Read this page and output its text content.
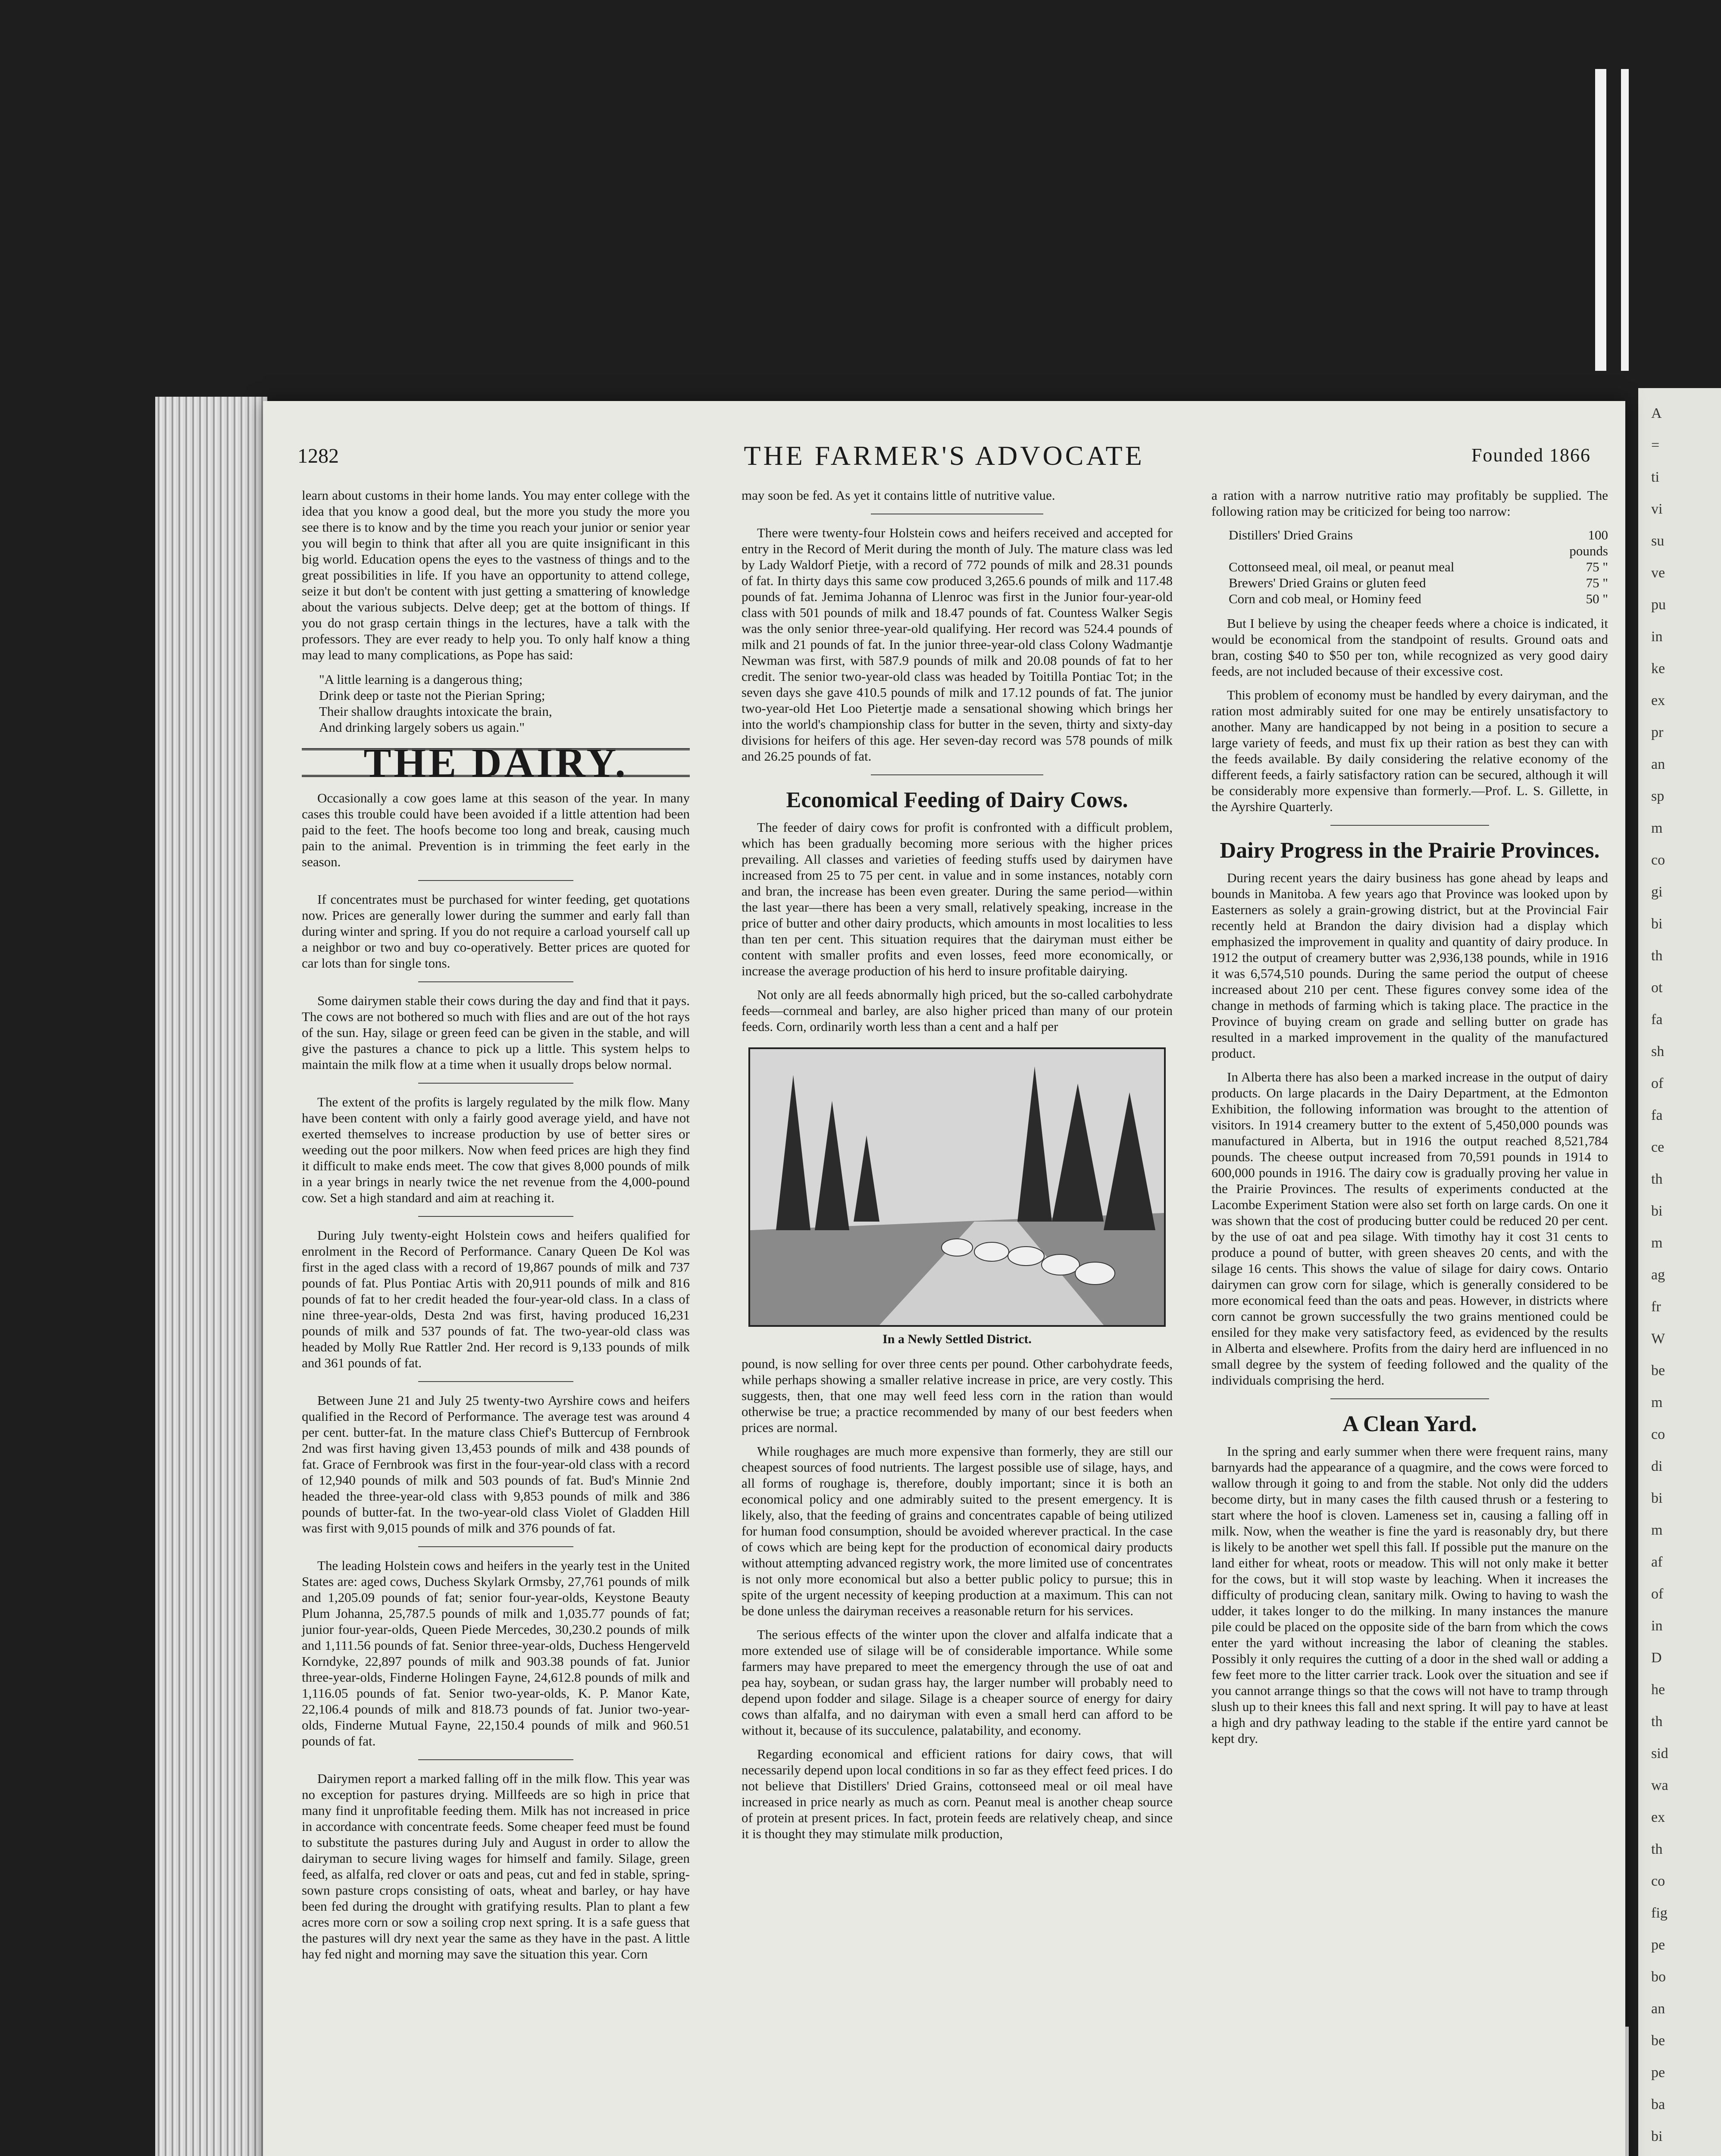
A
=
ti
vi
su
ve
pu
in
ke
ex
pr
an
sp
m
co
gi
bi
th
ot
fa
sh
of
fa
ce
th
bi
m
ag
fr
W
be
m
co
di
bi
m
af
of
in
D
he
th
sid
wa
ex
th
co
fig
pe
bo
an
be
pe
ba
bi
1282	THE FARMER'S ADVOCATE	Founded 1866

learn about customs in their home lands. You may enter college with the idea that you know a good deal, but the more you study the more you see there is to know and by the time you reach your junior or senior year you will begin to think that after all you are quite insignificant in this big world. Education opens the eyes to the vastness of things and to the great possibilities in life. If you have an opportunity to attend college, seize it but don't be content with just getting a smattering of knowledge about the various subjects. Delve deep; get at the bottom of things. If you do not grasp certain things in the lectures, have a talk with the professors. They are ever ready to help you. To only half know a thing may lead to many complications, as Pope has said:

"A little learning is a dangerous thing;
Drink deep or taste not the Pierian Spring;
Their shallow draughts intoxicate the brain,
And drinking largely sobers us again."
THE DAIRY.

Occasionally a cow goes lame at this season of the year. In many cases this trouble could have been avoided if a little attention had been paid to the feet. The hoofs become too long and break, causing much pain to the animal. Prevention is in trimming the feet early in the season.

If concentrates must be purchased for winter feeding, get quotations now. Prices are generally lower during the summer and early fall than during winter and spring. If you do not require a carload yourself call up a neighbor or two and buy co-operatively. Better prices are quoted for car lots than for single tons.

Some dairymen stable their cows during the day and find that it pays. The cows are not bothered so much with flies and are out of the hot rays of the sun. Hay, silage or green feed can be given in the stable, and will give the pastures a chance to pick up a little. This system helps to maintain the milk flow at a time when it usually drops below normal.

The extent of the profits is largely regulated by the milk flow. Many have been content with only a fairly good average yield, and have not exerted themselves to increase production by use of better sires or weeding out the poor milkers. Now when feed prices are high they find it difficult to make ends meet. The cow that gives 8,000 pounds of milk in a year brings in nearly twice the net revenue from the 4,000-pound cow. Set a high standard and aim at reaching it.

During July twenty-eight Holstein cows and heifers qualified for enrolment in the Record of Performance. Canary Queen De Kol was first in the aged class with a record of 19,867 pounds of milk and 737 pounds of fat. Plus Pontiac Artis with 20,911 pounds of milk and 816 pounds of fat to her credit headed the four-year-old class. In a class of nine three-year-olds, Desta 2nd was first, having produced 16,231 pounds of milk and 537 pounds of fat. The two-year-old class was headed by Molly Rue Rattler 2nd. Her record is 9,133 pounds of milk and 361 pounds of fat.

Between June 21 and July 25 twenty-two Ayrshire cows and heifers qualified in the Record of Performance. The average test was around 4 per cent. butter-fat. In the mature class Chief's Buttercup of Fernbrook 2nd was first having given 13,453 pounds of milk and 438 pounds of fat. Grace of Fernbrook was first in the four-year-old class with a record of 12,940 pounds of milk and 503 pounds of fat. Bud's Minnie 2nd headed the three-year-old class with 9,853 pounds of milk and 386 pounds of butter-fat. In the two-year-old class Violet of Gladden Hill was first with 9,015 pounds of milk and 376 pounds of fat.

The leading Holstein cows and heifers in the yearly test in the United States are: aged cows, Duchess Skylark Ormsby, 27,761 pounds of milk and 1,205.09 pounds of fat; senior four-year-olds, Keystone Beauty Plum Johanna, 25,787.5 pounds of milk and 1,035.77 pounds of fat; junior four-year-olds, Queen Piede Mercedes, 30,230.2 pounds of milk and 1,111.56 pounds of fat. Senior three-year-olds, Duchess Hengerveld Korndyke, 22,897 pounds of milk and 903.38 pounds of fat. Junior three-year-olds, Finderne Holingen Fayne, 24,612.8 pounds of milk and 1,116.05 pounds of fat. Senior two-year-olds, K. P. Manor Kate, 22,106.4 pounds of milk and 818.73 pounds of fat. Junior two-year-olds, Finderne Mutual Fayne, 22,150.4 pounds of milk and 960.51 pounds of fat.

Dairymen report a marked falling off in the milk flow. This year was no exception for pastures drying. Millfeeds are so high in price that many find it unprofitable feeding them. Milk has not increased in price in accordance with concentrate feeds. Some cheaper feed must be found to substitute the pastures during July and August in order to allow the dairyman to secure living wages for himself and family. Silage, green feed, as alfalfa, red clover or oats and peas, cut and fed in stable, spring-sown pasture crops consisting of oats, wheat and barley, or hay have been fed during the drought with gratifying results. Plan to plant a few acres more corn or sow a soiling crop next spring. It is a safe guess that the pastures will dry next year the same as they have in the past. A little hay fed night and morning may save the situation this year. Corn

may soon be fed. As yet it contains little of nutritive value.

There were twenty-four Holstein cows and heifers received and accepted for entry in the Record of Merit during the month of July. The mature class was led by Lady Waldorf Pietje, with a record of 772 pounds of milk and 28.31 pounds of fat. In thirty days this same cow produced 3,265.6 pounds of milk and 117.48 pounds of fat. Jemima Johanna of Llenroc was first in the Junior four-year-old class with 501 pounds of milk and 18.47 pounds of fat. Countess Walker Segis was the only senior three-year-old qualifying. Her record was 524.4 pounds of milk and 21 pounds of fat. In the junior three-year-old class Colony Wadmantje Newman was first, with 587.9 pounds of milk and 20.08 pounds of fat to her credit. The senior two-year-old class was headed by Toitilla Pontiac Tot; in the seven days she gave 410.5 pounds of milk and 17.12 pounds of fat. The junior two-year-old Het Loo Pietertje made a sensational showing which brings her into the world's championship class for butter in the seven, thirty and sixty-day divisions for heifers of this age. Her seven-day record was 578 pounds of milk and 26.25 pounds of fat.

Economical Feeding of Dairy Cows.

The feeder of dairy cows for profit is confronted with a difficult problem, which has been gradually becoming more serious with the higher prices prevailing. All classes and varieties of feeding stuffs used by dairymen have increased from 25 to 75 per cent. in value and in some instances, notably corn and bran, the increase has been even greater. During the same period—within the last year—there has been a very small, relatively speaking, increase in the price of butter and other dairy products, which amounts in most localities to less than ten per cent. This situation requires that the dairyman must either be content with smaller profits and even losses, feed more economically, or increase the average production of his herd to insure profitable dairying.

Not only are all feeds abnormally high priced, but the so-called carbohydrate feeds—cornmeal and barley, are also higher priced than many of our protein feeds. Corn, ordinarily worth less than a cent and a half per

In a Newly Settled District.

pound, is now selling for over three cents per pound. Other carbohydrate feeds, while perhaps showing a smaller relative increase in price, are very costly. This suggests, then, that one may well feed less corn in the ration than would otherwise be true; a practice recommended by many of our best feeders when prices are normal.

While roughages are much more expensive than formerly, they are still our cheapest sources of food nutrients. The largest possible use of silage, hays, and all forms of roughage is, therefore, doubly important; since it is both an economical policy and one admirably suited to the present emergency. It is likely, also, that the feeding of grains and concentrates capable of being utilized for human food consumption, should be avoided wherever practical. In the case of cows which are being kept for the production of economical dairy products without attempting advanced registry work, the more limited use of concentrates is not only more economical but also a better public policy to pursue; this in spite of the urgent necessity of keeping production at a maximum. This can not be done unless the dairyman receives a reasonable return for his services.

The serious effects of the winter upon the clover and alfalfa indicate that a more extended use of silage will be of considerable importance. While some farmers may have prepared to meet the emergency through the use of oat and pea hay, soybean, or sudan grass hay, the larger number will probably need to depend upon fodder and silage. Silage is a cheaper source of energy for dairy cows than alfalfa, and no dairyman with even a small herd can afford to be without it, because of its succulence, palatability, and economy.

Regarding economical and efficient rations for dairy cows, that will necessarily depend upon local conditions in so far as they effect feed prices. I do not believe that Distillers' Dried Grains, cottonseed meal or oil meal have increased in price nearly as much as corn. Peanut meal is another cheap source of protein at present prices. In fact, protein feeds are relatively cheap, and since it is thought they may stimulate milk production,

a ration with a narrow nutritive ratio may profitably be supplied. The following ration may be criticized for being too narrow:

Distillers' Dried Grains	100 pounds
Cottonseed meal, oil meal, or peanut meal	75 "
Brewers' Dried Grains or gluten feed	75 "
Corn and cob meal, or Hominy feed	50 "

But I believe by using the cheaper feeds where a choice is indicated, it would be economical from the standpoint of results. Ground oats and bran, costing $40 to $50 per ton, while recognized as very good dairy feeds, are not included because of their excessive cost.

This problem of economy must be handled by every dairyman, and the ration most admirably suited for one may be entirely unsatisfactory to another. Many are handicapped by not being in a position to secure a large variety of feeds, and must fix up their ration as best they can with the feeds available. By daily considering the relative economy of the different feeds, a fairly satisfactory ration can be secured, although it will be considerably more expensive than formerly.—Prof. L. S. Gillette, in the Ayrshire Quarterly.

Dairy Progress in the Prairie Provinces.

During recent years the dairy business has gone ahead by leaps and bounds in Manitoba. A few years ago that Province was looked upon by Easterners as solely a grain-growing district, but at the Provincial Fair recently held at Brandon the dairy division had a display which emphasized the improvement in quality and quantity of dairy produce. In 1912 the output of creamery butter was 2,936,138 pounds, while in 1916 it was 6,574,510 pounds. During the same period the output of cheese increased about 210 per cent. These figures convey some idea of the change in methods of farming which is taking place. The practice in the Province of buying cream on grade and selling butter on grade has resulted in a marked improvement in the quality of the manufactured product.

In Alberta there has also been a marked increase in the output of dairy products. On large placards in the Dairy Department, at the Edmonton Exhibition, the following information was brought to the attention of visitors. In 1914 creamery butter to the extent of 5,450,000 pounds was manufactured in Alberta, but in 1916 the output reached 8,521,784 pounds. The cheese output increased from 70,591 pounds in 1914 to 600,000 pounds in 1916. The dairy cow is gradually proving her value in the Prairie Provinces. The results of experiments conducted at the Lacombe Experiment Station were also set forth on large cards. On one it was shown that the cost of producing butter could be reduced 20 per cent. by the use of oat and pea silage. With timothy hay it cost 31 cents to produce a pound of butter, with green sheaves 20 cents, and with the silage 16 cents. This shows the value of silage for dairy cows. Ontario dairymen can grow corn for silage, which is generally considered to be more economical feed than the oats and peas. However, in districts where corn cannot be grown successfully the two grains mentioned could be ensiled for they make very satisfactory feed, as evidenced by the results in Alberta and elsewhere. Profits from the dairy herd are influenced in no small degree by the system of feeding followed and the quality of the individuals comprising the herd.

A Clean Yard.

In the spring and early summer when there were frequent rains, many barnyards had the appearance of a quagmire, and the cows were forced to wallow through it going to and from the stable. Not only did the udders become dirty, but in many cases the filth caused thrush or a festering to start where the hoof is cloven. Lameness set in, causing a falling off in milk. Now, when the weather is fine the yard is reasonably dry, but there is likely to be another wet spell this fall. If possible put the manure on the land either for wheat, roots or meadow. This will not only make it better for the cows, but it will stop waste by leaching. When it increases the difficulty of producing clean, sanitary milk. Owing to having to wash the udder, it takes longer to do the milking. In many instances the manure pile could be placed on the opposite side of the barn from which the cows enter the yard without increasing the labor of cleaning the stables. Possibly it only requires the cutting of a door in the shed wall or adding a few feet more to the litter carrier track. Look over the situation and see if you cannot arrange things so that the cows will not have to tramp through slush up to their knees this fall and next spring. It will pay to have at least a high and dry pathway leading to the stable if the entire yard cannot be kept dry.
